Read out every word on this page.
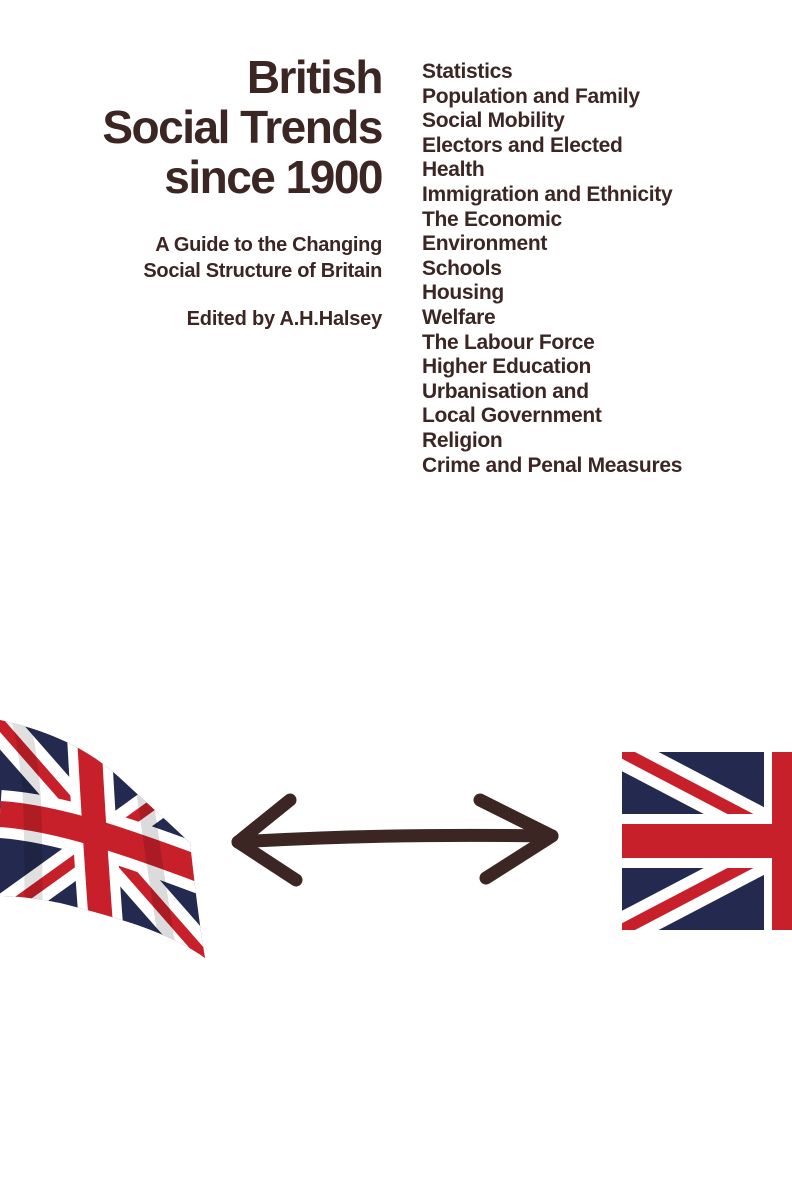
British
Social Trends
since 1900
A Guide to the Changing
Social Structure of Britain
Edited by A.H.Halsey
Statistics
Population and Family
Social Mobility
Electors and Elected
Health
Immigration and Ethnicity
The Economic
Environment
Schools
Housing
Welfare
The Labour Force
Higher Education
Urbanisation and
Local Government
Religion
Crime and Penal Measures
